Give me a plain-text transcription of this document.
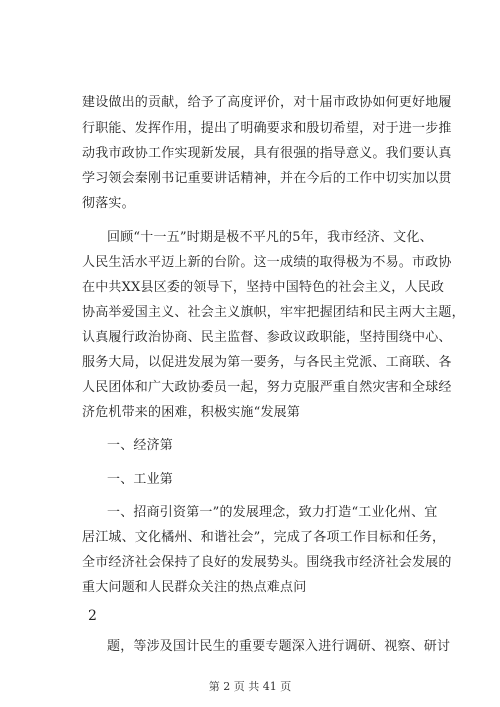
建设做出的贡献，给予了高度评价，对十届市政协如何更好地履
行职能、发挥作用，提出了明确要求和殷切希望，对于进一步推
动我市政协工作实现新发展，具有很强的指导意义。我们要认真
学习领会秦刚书记重要讲话精神，并在今后的工作中切实加以贯
彻落实。
回顾“十一五”时期是极不平凡的5年，我市经济、文化、
人民生活水平迈上新的台阶。这一成绩的取得极为不易。市政协
在中共XX县区委的领导下，坚持中国特色的社会主义，人民政
协高举爱国主义、社会主义旗帜，牢牢把握团结和民主两大主题，
认真履行政治协商、民主监督、参政议政职能，坚持围绕中心、
服务大局，以促进发展为第一要务，与各民主党派、工商联、各
人民团体和广大政协委员一起，努力克服严重自然灾害和全球经
济危机带来的困难，积极实施“发展第
一、经济第
一、工业第
一、招商引资第一”的发展理念，致力打造“工业化州、宜
居江城、文化橘州、和谐社会”，完成了各项工作目标和任务，
全市经济社会保持了良好的发展势头。围绕我市经济社会发展的
重大问题和人民群众关注的热点难点问
2
题，等涉及国计民生的重要专题深入进行调研、视察、研讨
第 2 页 共 41 页
